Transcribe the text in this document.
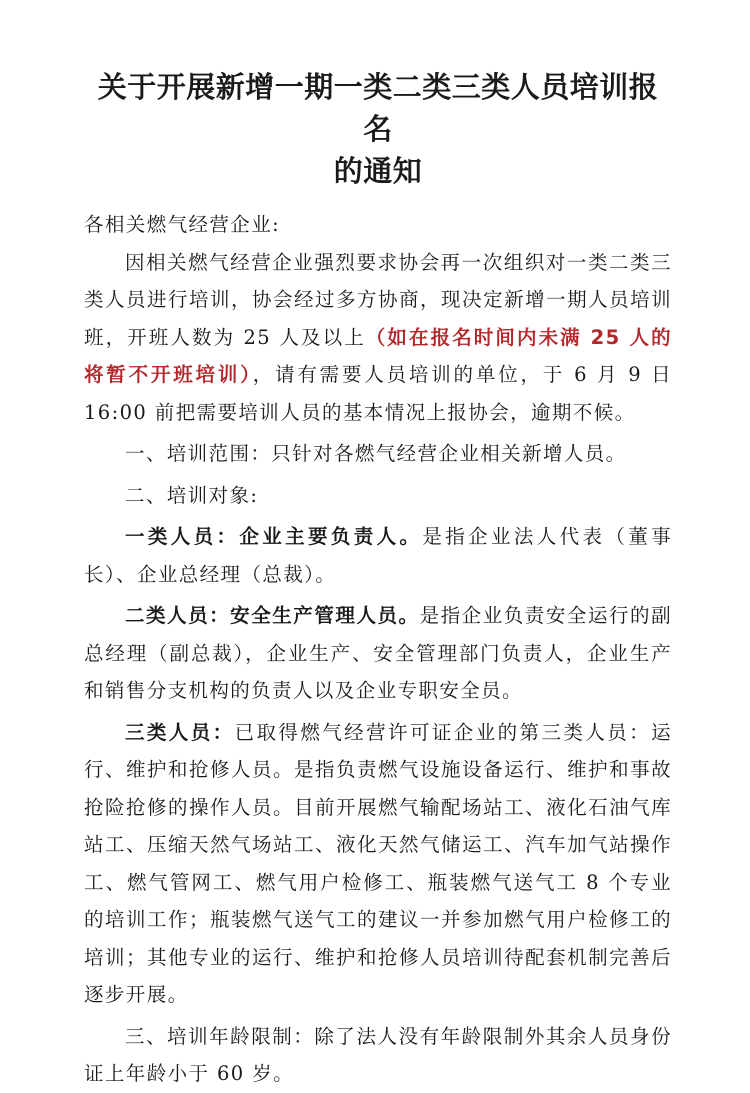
关于开展新增一期一类二类三类人员培训报名
的通知

各相关燃气经营企业:

因相关燃气经营企业强烈要求协会再一次组织对一类二类三类人员进行培训，协会经过多方协商，现决定新增一期人员培训班，开班人数为 25 人及以上（如在报名时间内未满 25 人的将暂不开班培训），请有需要人员培训的单位，于 6 月 9 日 16:00 前把需要培训人员的基本情况上报协会，逾期不候。

一、培训范围：只针对各燃气经营企业相关新增人员。

二、培训对象:

一类人员：企业主要负责人。是指企业法人代表（董事长）、企业总经理（总裁）。

二类人员：安全生产管理人员。是指企业负责安全运行的副总经理（副总裁），企业生产、安全管理部门负责人，企业生产和销售分支机构的负责人以及企业专职安全员。

三类人员：已取得燃气经营许可证企业的第三类人员：运行、维护和抢修人员。是指负责燃气设施设备运行、维护和事故抢险抢修的操作人员。目前开展燃气输配场站工、液化石油气库站工、压缩天然气场站工、液化天然气储运工、汽车加气站操作工、燃气管网工、燃气用户检修工、瓶装燃气送气工 8 个专业的培训工作；瓶装燃气送气工的建议一并参加燃气用户检修工的培训；其他专业的运行、维护和抢修人员培训待配套机制完善后逐步开展。

三、培训年龄限制：除了法人没有年龄限制外其余人员身份证上年龄小于 60 岁。
